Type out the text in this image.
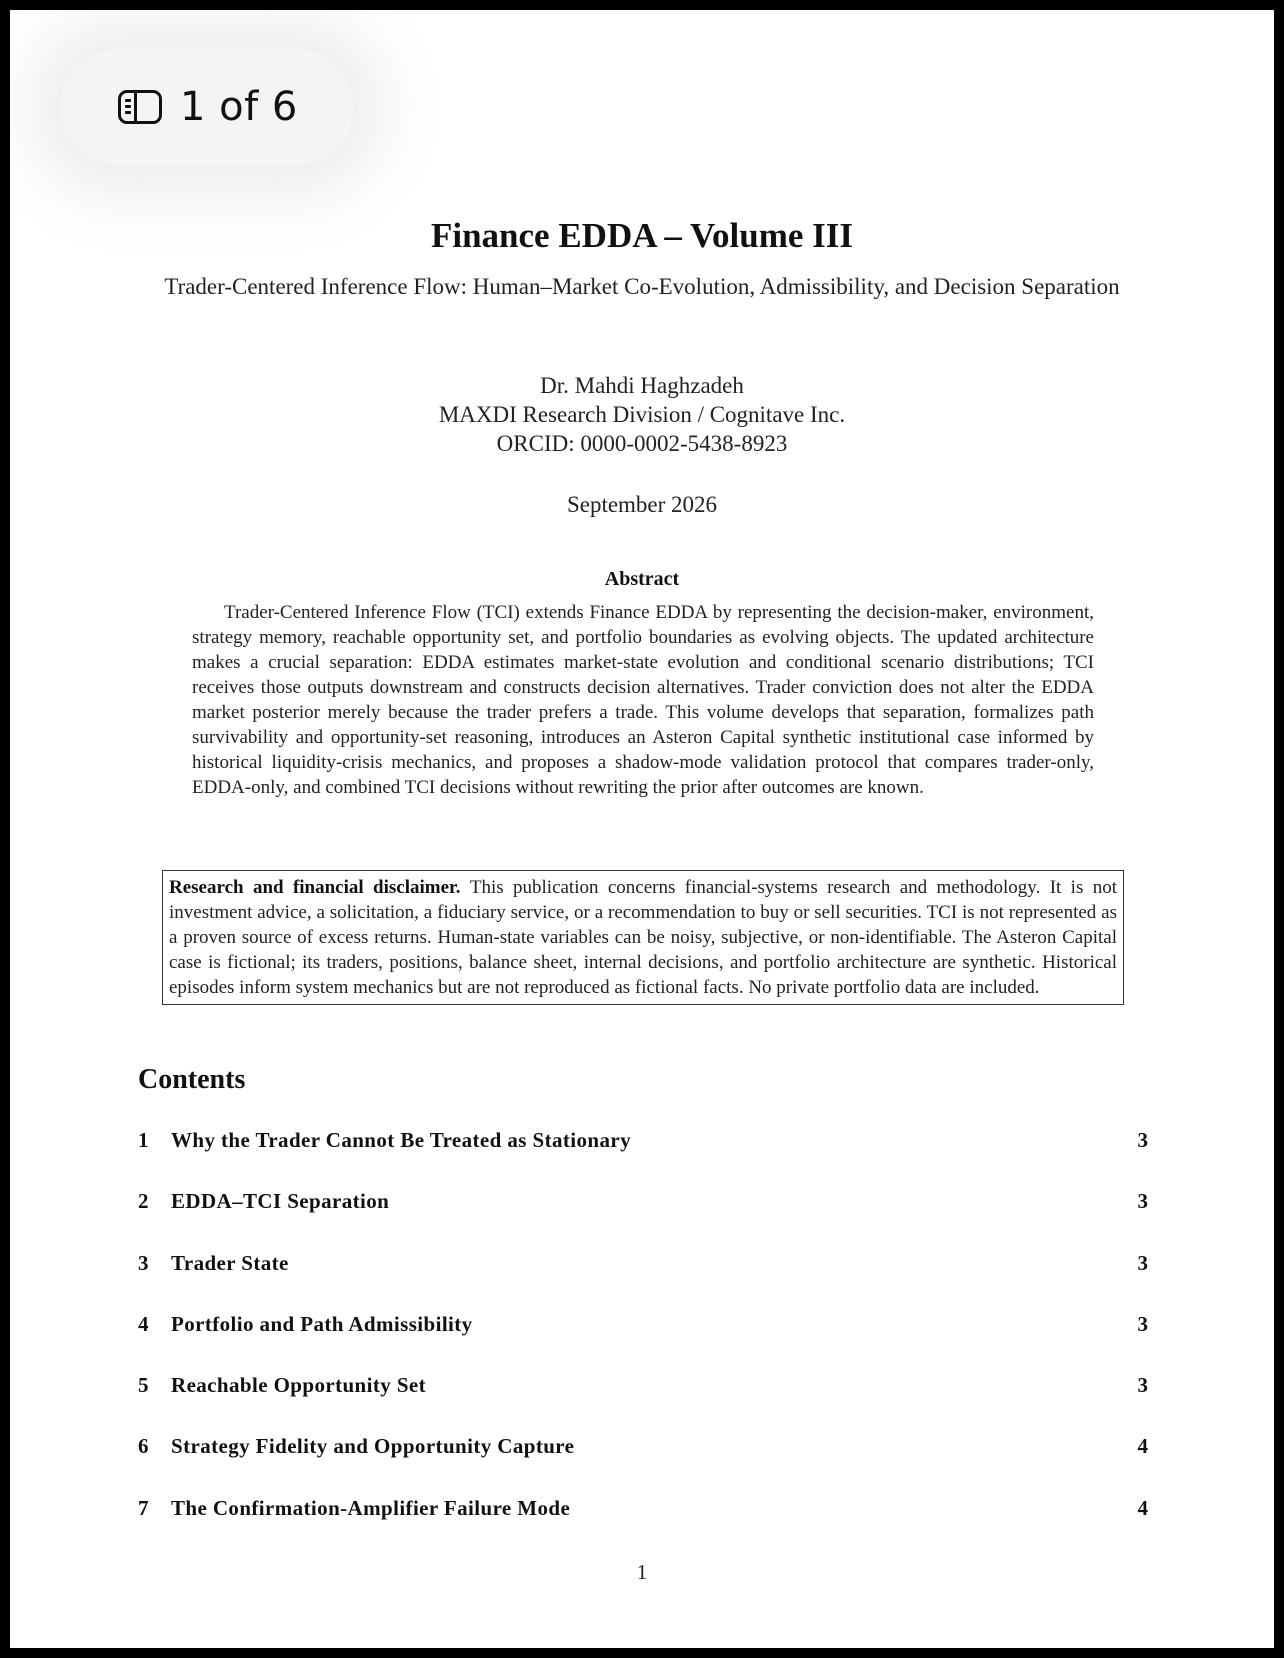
Finance EDDA – Volume III
Trader-Centered Inference Flow: Human–Market Co-Evolution, Admissibility, and Decision Separation
Dr. Mahdi Haghzadeh
MAXDI Research Division / Cognitave Inc.
ORCID: 0000-0002-5438-8923
September 2026
Abstract
Trader-Centered Inference Flow (TCI) extends Finance EDDA by representing the decision-maker, environment, strategy memory, reachable opportunity set, and portfolio boundaries as evolving objects. The updated architecture makes a crucial separation: EDDA estimates market-state evolution and conditional scenario distributions; TCI receives those outputs downstream and constructs decision alternatives. Trader conviction does not alter the EDDA market posterior merely because the trader prefers a trade. This volume develops that separation, formalizes path survivability and opportunity-set reasoning, introduces an Asteron Capital synthetic institutional case informed by historical liquidity-crisis mechanics, and proposes a shadow-mode validation protocol that compares trader-only, EDDA-only, and combined TCI decisions without rewriting the prior after outcomes are known.
Research and financial disclaimer. This publication concerns financial-systems research and methodology. It is not investment advice, a solicitation, a fiduciary service, or a recommendation to buy or sell securities. TCI is not represented as a proven source of excess returns. Human-state variables can be noisy, subjective, or non-identifiable. The Asteron Capital case is fictional; its traders, positions, balance sheet, internal decisions, and portfolio architecture are synthetic. Historical episodes inform system mechanics but are not reproduced as fictional facts. No private portfolio data are included.
Contents
1 Why the Trader Cannot Be Treated as Stationary	3
2 EDDA–TCI Separation	3
3 Trader State	3
4 Portfolio and Path Admissibility	3
5 Reachable Opportunity Set	3
6 Strategy Fidelity and Opportunity Capture	4
7 The Confirmation-Amplifier Failure Mode	4
1
1 of 6
